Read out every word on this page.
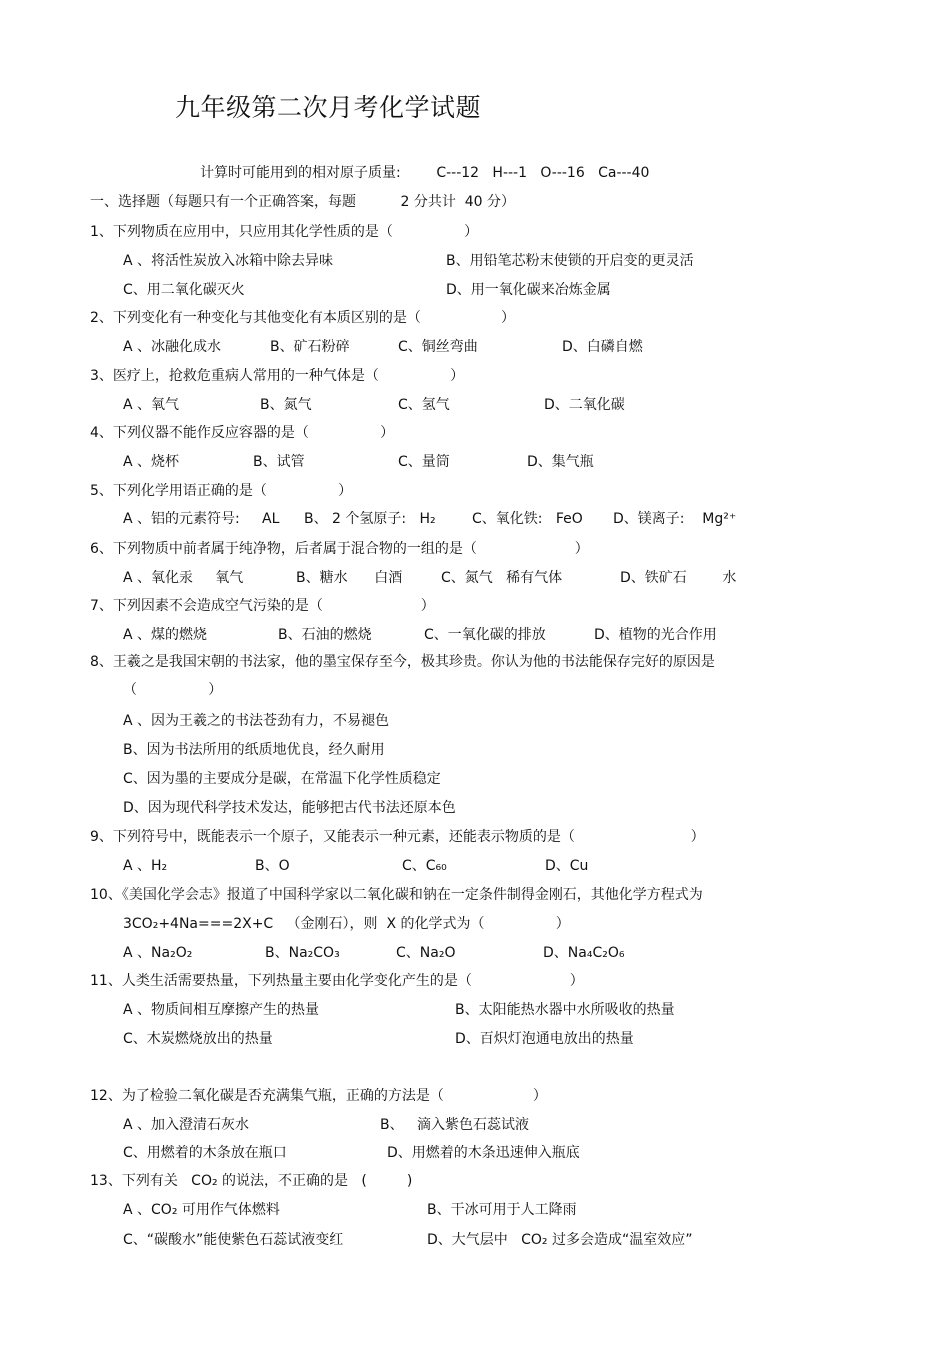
九年级第二次月考化学试题
计算时可能用到的相对原子质量:        C---12   H---1   O---16   Ca---40
一、选择题（每题只有一个正确答案，每题          2 分共计  40 分）
1、下列物质在应用中，只应用其化学性质的是（                ）
A 、将活性炭放入冰箱中除去异味	B、用铅笔芯粉末使锁的开启变的更灵活
C、用二氧化碳灭火	D、用一氧化碳来冶炼金属
2、下列变化有一种变化与其他变化有本质区别的是（                  ）
A 、冰融化成水	B、矿石粉碎	C、铜丝弯曲	D、白磷自燃
3、医疗上，抢救危重病人常用的一种气体是（                ）
A 、氧气	B、氮气	C、氢气	D、二氧化碳
4、下列仪器不能作反应容器的是（                ）
A 、烧杯	B、试管	C、量筒	D、集气瓶
5、下列化学用语正确的是（                ）
A 、铝的元素符号:     AL B、 2 个氢原子:   H₂	C、氧化铁:   FeO D、镁离子:    Mg²⁺
6、下列物质中前者属于纯净物，后者属于混合物的一组的是（                      ）
A 、氧化汞     氧气	B、糖水      白酒	C、氮气   稀有气体	D、铁矿石        水
7、下列因素不会造成空气污染的是（                      ）
A 、煤的燃烧	B、石油的燃烧	C、一氧化碳的排放	D、植物的光合作用
8、王羲之是我国宋朝的书法家，他的墨宝保存至今，极其珍贵。你认为他的书法能保存完好的原因是
（                ）
A 、因为王羲之的书法苍劲有力，不易褪色
B、因为书法所用的纸质地优良，经久耐用
C、因为墨的主要成分是碳，在常温下化学性质稳定
D、因为现代科学技术发达，能够把古代书法还原本色
9、下列符号中，既能表示一个原子，又能表示一种元素，还能表示物质的是（                          ）
A 、H₂	B、O	C、C₆₀	D、Cu
10、《美国化学会志》报道了中国科学家以二氧化碳和钠在一定条件制得金刚石，其他化学方程式为
3CO₂+4Na===2X+C   （金刚石），则  X 的化学式为（                ）
A 、Na₂O₂	B、Na₂CO₃	C、Na₂O	D、Na₄C₂O₆
11、人类生活需要热量，下列热量主要由化学变化产生的是（                      ）
A 、物质间相互摩擦产生的热量	B、太阳能热水器中水所吸收的热量
C、木炭燃烧放出的热量	D、百炽灯泡通电放出的热量
12、为了检验二氧化碳是否充满集气瓶，正确的方法是（                    ）
A 、加入澄清石灰水	B、   滴入紫色石蕊试液
C、用燃着的木条放在瓶口	D、用燃着的木条迅速伸入瓶底
13、下列有关   CO₂ 的说法，不正确的是   (         )
A 、CO₂ 可用作气体燃料	B、干冰可用于人工降雨
C、“碳酸水”能使紫色石蕊试液变红	D、大气层中   CO₂ 过多会造成“温室效应”
